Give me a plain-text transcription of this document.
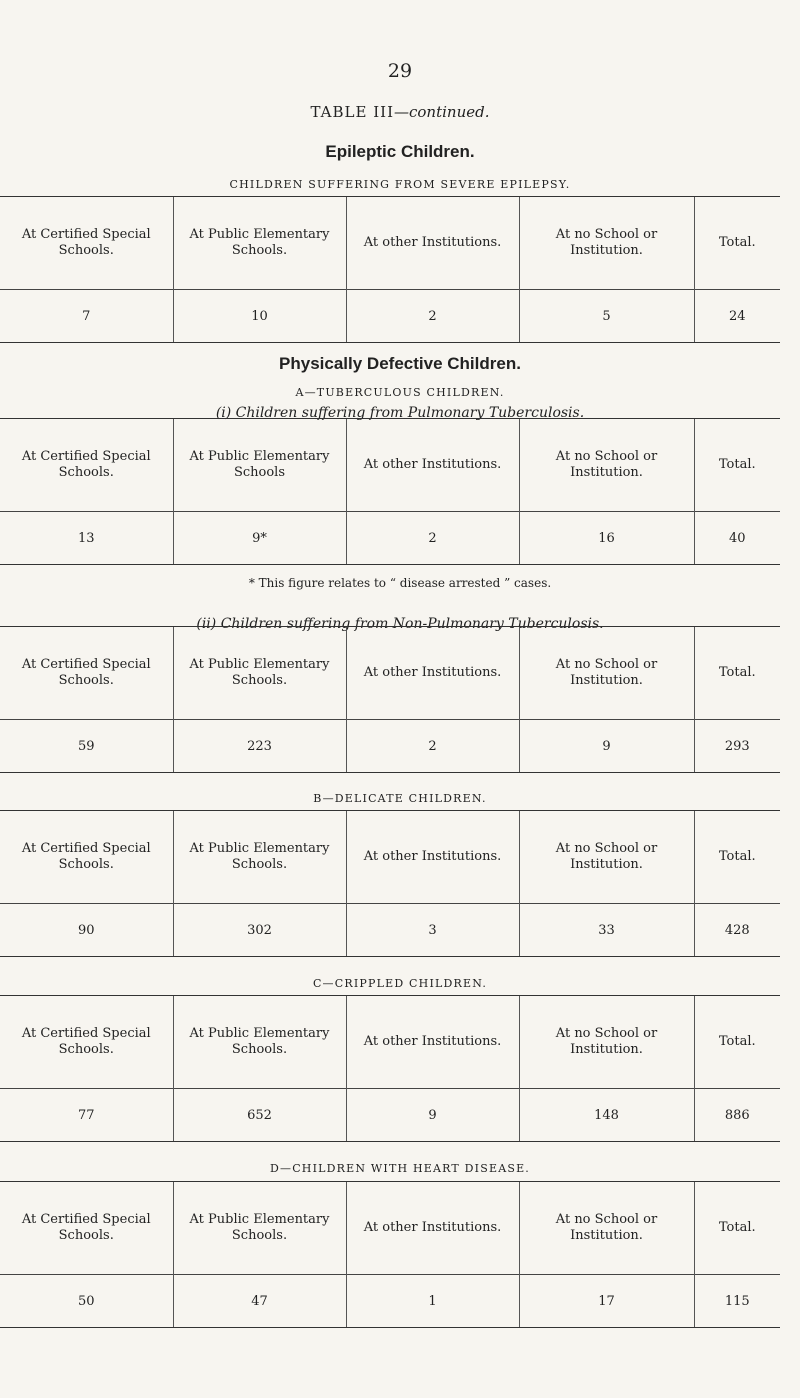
29
TABLE III—continued.
Epileptic Children.
CHILDREN SUFFERING FROM SEVERE EPILEPSY.
At Certified Special Schools.	At Public Elementary Schools.	At other Institutions.	At no School or Institution.	Total.
7	10	2	5	24
Physically Defective Children.
A—TUBERCULOUS CHILDREN.
(i) Children suffering from Pulmonary Tuberculosis.
At Certified Special Schools.	At Public Elementary Schools	At other Institutions.	At no School or Institution.	Total.
13	9*	2	16	40
* This figure relates to “ disease arrested ” cases.
(ii) Children suffering from Non-Pulmonary Tuberculosis.
At Certified Special Schools.	At Public Elementary Schools.	At other Institutions.	At no School or Institution.	Total.
59	223	2	9	293
B—DELICATE CHILDREN.
At Certified Special Schools.	At Public Elementary Schools.	At other Institutions.	At no School or Institution.	Total.
90	302	3	33	428
C—CRIPPLED CHILDREN.
At Certified Special Schools.	At Public Elementary Schools.	At other Institutions.	At no School or Institution.	Total.
77	652	9	148	886
D—CHILDREN WITH HEART DISEASE.
At Certified Special Schools.	At Public Elementary Schools.	At other Institutions.	At no School or Institution.	Total.
50	47	1	17	115
